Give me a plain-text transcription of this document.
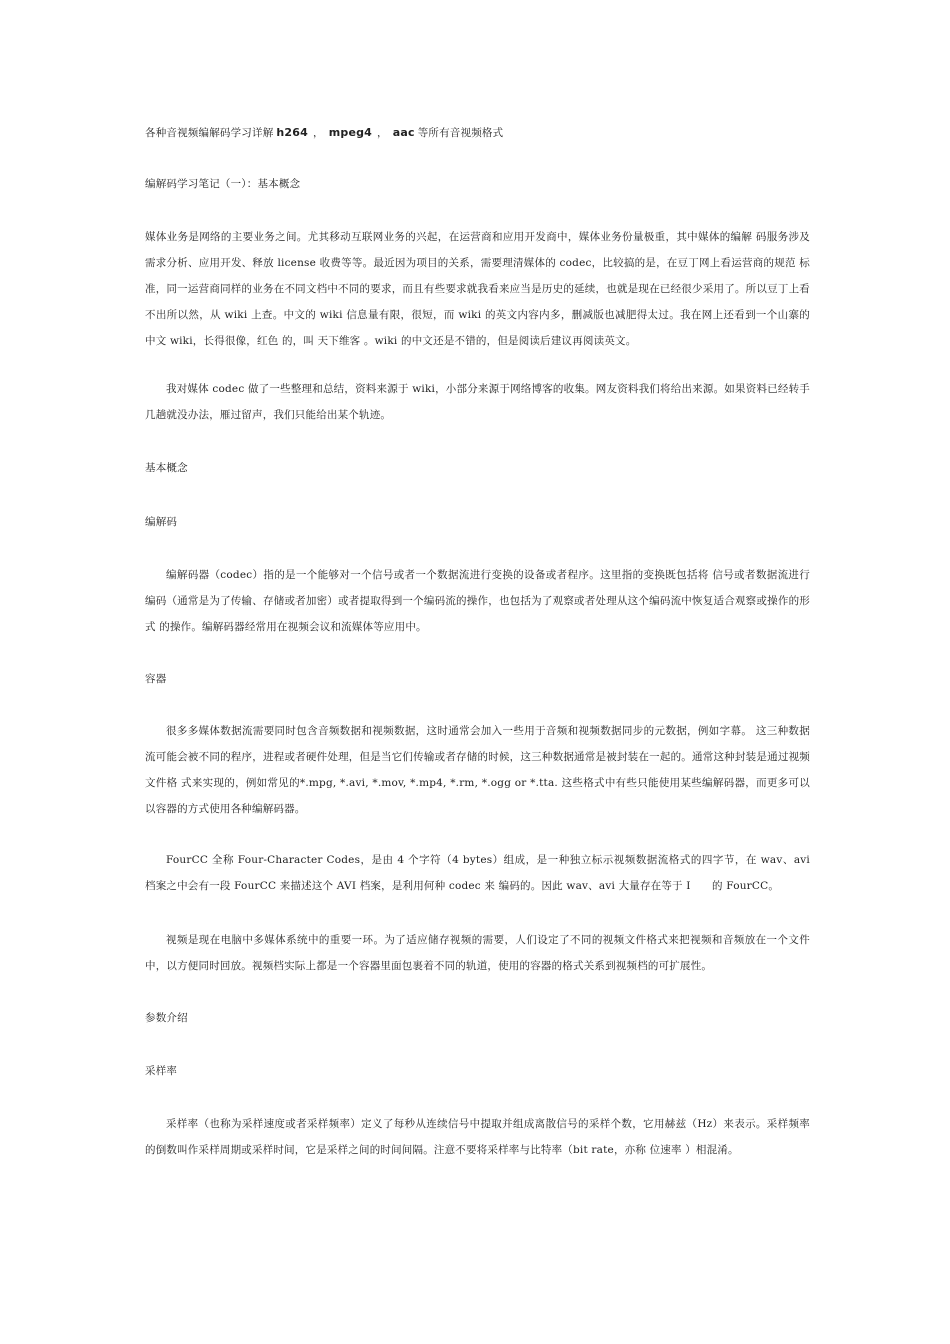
各种音视频编解码学习详解 h264 ， mpeg4 ， aac 等所有音视频格式
编解码学习笔记（一）：基本概念
媒体业务是网络的主要业务之间。尤其移动互联网业务的兴起，在运营商和应用开发商中，媒体业务份量极重，其中媒体的编解 码服务涉及需求分析、应用开发、释放 license 收费等等。最近因为项目的关系，需要理清媒体的 codec，比较搞的是，在豆丁网上看运营商的规范 标准，同一运营商同样的业务在不同文档中不同的要求，而且有些要求就我看来应当是历史的延续，也就是现在已经很少采用了。所以豆丁上看不出所以然，从 wiki 上查。中文的 wiki 信息量有限，很短，而 wiki 的英文内容内多，删减版也减肥得太过。我在网上还看到一个山寨的中文 wiki，长得很像，红色 的，叫 天下维客 。wiki 的中文还是不错的，但是阅读后建议再阅读英文。
我对媒体 codec 做了一些整理和总结，资料来源于 wiki，小部分来源于网络博客的收集。网友资料我们将给出来源。如果资料已经转手几趟就没办法，雁过留声，我们只能给出某个轨迹。
基本概念
编解码
编解码器（codec）指的是一个能够对一个信号或者一个数据流进行变换的设备或者程序。这里指的变换既包括将 信号或者数据流进行编码（通常是为了传输、存储或者加密）或者提取得到一个编码流的操作，也包括为了观察或者处理从这个编码流中恢复适合观察或操作的形式 的操作。编解码器经常用在视频会议和流媒体等应用中。
容器
很多多媒体数据流需要同时包含音频数据和视频数据，这时通常会加入一些用于音频和视频数据同步的元数据，例如字幕。 这三种数据流可能会被不同的程序，进程或者硬件处理，但是当它们传输或者存储的时候，这三种数据通常是被封装在一起的。通常这种封装是通过视频文件格 式来实现的，例如常见的*.mpg, *.avi, *.mov, *.mp4, *.rm, *.ogg or *.tta. 这些格式中有些只能使用某些编解码器，而更多可以以容器的方式使用各种编解码器。
FourCC 全称 Four-Character Codes，是由 4 个字符（4 bytes）组成，是一种独立标示视频数据流格式的四字节，在 wav、avi 档案之中会有一段 FourCC 来描述这个 AVI 档案，是利用何种 codec 来 编码的。因此 wav、avi 大量存在等于 I　　的 FourCC。
视频是现在电脑中多媒体系统中的重要一环。为了适应储存视频的需要，人们设定了不同的视频文件格式来把视频和音频放在一个文件中，以方便同时回放。视频档实际上都是一个容器里面包裹着不同的轨道，使用的容器的格式关系到视频档的可扩展性。
参数介绍
采样率
采样率（也称为采样速度或者采样频率）定义了每秒从连续信号中提取并组成离散信号的采样个数，它用赫兹（Hz）来表示。采样频率的倒数叫作采样周期或采样时间，它是采样之间的时间间隔。注意不要将采样率与比特率（bit rate，亦称 位速率 ）相混淆。
